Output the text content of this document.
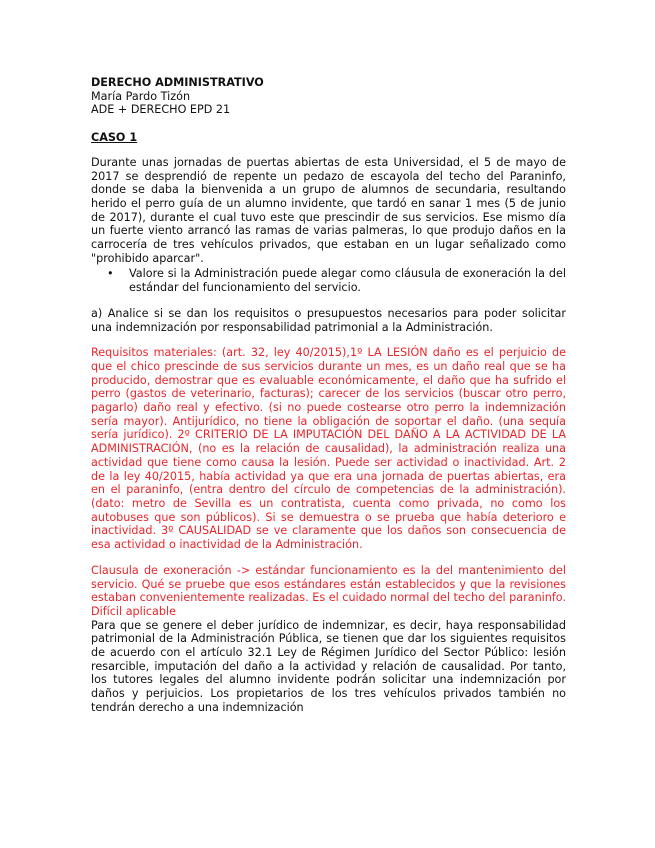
DERECHO ADMINISTRATIVO
María Pardo Tizón
ADE + DERECHO EPD 21
CASO 1

Durante unas jornadas de puertas abiertas de esta Universidad, el 5 de mayo de 2017 se desprendió de repente un pedazo de escayola del techo del Paraninfo, donde se daba la bienvenida a un grupo de alumnos de secundaria, resultando herido el perro guía de un alumno invidente, que tardó en sanar 1 mes (5 de junio de 2017), durante el cual tuvo este que prescindir de sus servicios. Ese mismo día un fuerte viento arrancó las ramas de varias palmeras, lo que produjo daños en la carrocería de tres vehículos privados, que estaban en un lugar señalizado como "prohibido aparcar".

• Valore si la Administración puede alegar como cláusula de exoneración la del estándar del funcionamiento del servicio.

a) Analice si se dan los requisitos o presupuestos necesarios para poder solicitar una indemnización por responsabilidad patrimonial a la Administración.

Requisitos materiales: (art. 32, ley 40/2015),1º LA LESIÓN daño es el perjuicio de que el chico prescinde de sus servicios durante un mes, es un daño real que se ha producido, demostrar que es evaluable económicamente, el daño que ha sufrido el perro (gastos de veterinario, facturas); carecer de los servicios (buscar otro perro, pagarlo) daño real y efectivo. (si no puede costearse otro perro la indemnización sería mayor). Antijurídico, no tiene la obligación de soportar el daño. (una sequía sería jurídico). 2º CRITERIO DE LA IMPUTACIÓN DEL DAÑO A LA ACTIVIDAD DE LA ADMINISTRACIÓN, (no es la relación de causalidad), la administración realiza una actividad que tiene como causa la lesión. Puede ser actividad o inactividad. Art. 2 de la ley 40/2015, había actividad ya que era una jornada de puertas abiertas, era en el paraninfo, (entra dentro del círculo de competencias de la administración). (dato: metro de Sevilla es un contratista, cuenta como privada, no como los autobuses que son públicos). Si se demuestra o se prueba que había deterioro e inactividad. 3º CAUSALIDAD se ve claramente que los daños son consecuencia de esa actividad o inactividad de la Administración.

Clausula de exoneración -> estándar funcionamiento es la del mantenimiento del servicio. Qué se pruebe que esos estándares están establecidos y que la revisiones estaban convenientemente realizadas. Es el cuidado normal del techo del paraninfo. Difícil aplicable

Para que se genere el deber jurídico de indemnizar, es decir, haya responsabilidad patrimonial de la Administración Pública, se tienen que dar los siguientes requisitos de acuerdo con el artículo 32.1 Ley de Régimen Jurídico del Sector Público: lesión resarcible, imputación del daño a la actividad y relación de causalidad. Por tanto, los tutores legales del alumno invidente podrán solicitar una indemnización por daños y perjuicios. Los propietarios de los tres vehículos privados también no tendrán derecho a una indemnización
